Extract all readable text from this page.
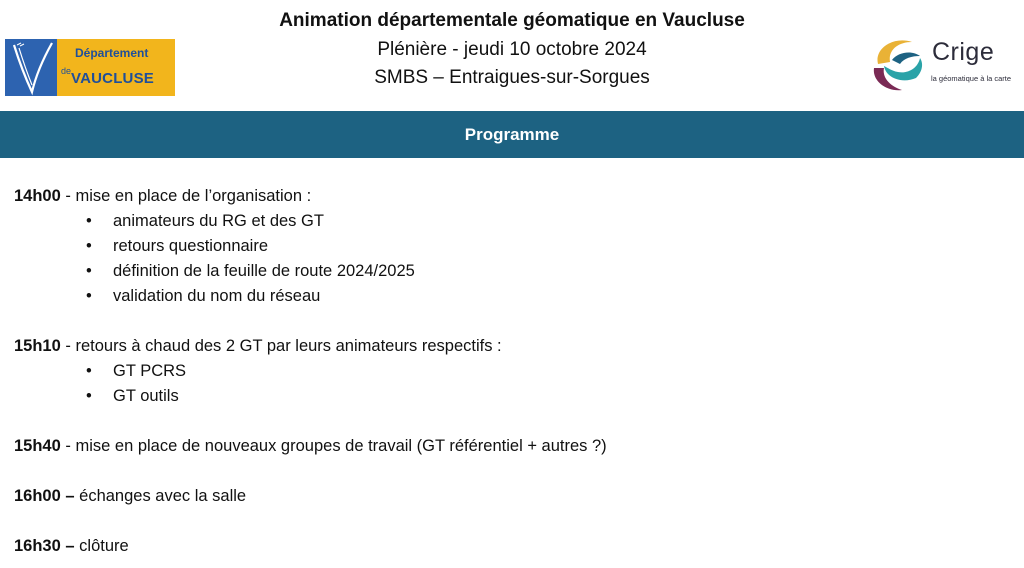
Animation départementale géomatique en Vaucluse
Plénière - jeudi 10 octobre 2024
SMBS – Entraigues-sur-Sorgues
Département
de VAUCLUSE
Crige
la géomatique à la carte
Programme
14h00 - mise en place de l’organisation :
• animateurs du RG et des GT
• retours questionnaire
• définition de la feuille de route 2024/2025
• validation du nom du réseau
15h10 - retours à chaud des 2 GT par leurs animateurs respectifs :
• GT PCRS
• GT outils
15h40 - mise en place de nouveaux groupes de travail (GT référentiel + autres ?)
16h00 – échanges avec la salle
16h30 – clôture
